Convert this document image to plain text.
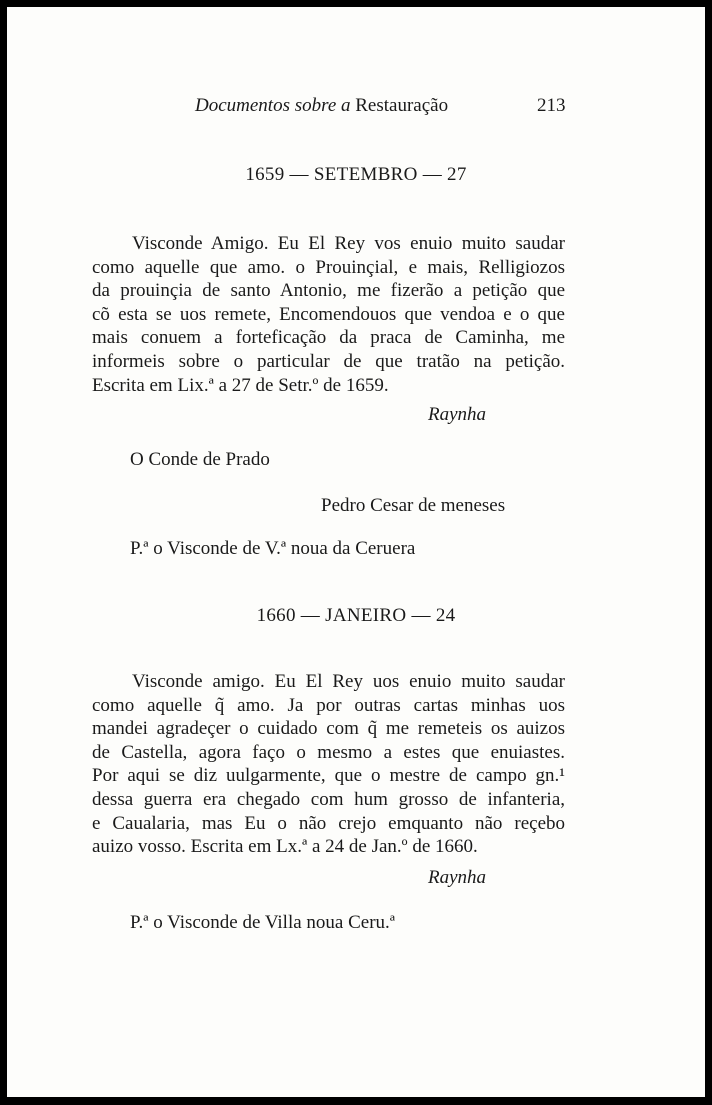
Documentos sobre a Restauração	213
1659 — SETEMBRO — 27

Visconde Amigo. Eu El Rey vos enuio muito saudar
como aquelle que amo. o Prouinçial, e mais, Relligiozos
da prouinçia de santo Antonio, me fizerão a petição que
cõ esta se uos remete, Encomendouos que vendoa e o que
mais conuem a forteficação da praca de Caminha, me
informeis sobre o particular de que tratão na petição.
Escrita em Lix.ª a 27 de Setr.º de 1659.

Raynha
O Conde de Prado
Pedro Cesar de meneses
P.ª o Visconde de V.ª noua da Ceruera
1660 — JANEIRO — 24

Visconde amigo. Eu El Rey uos enuio muito saudar
como aquelle q̃ amo. Ja por outras cartas minhas uos
mandei agradeçer o cuidado com q̃ me remeteis os auizos
de Castella, agora faço o mesmo a estes que enuiastes.
Por aqui se diz uulgarmente, que o mestre de campo gn.¹
dessa guerra era chegado com hum grosso de infanteria,
e Caualaria, mas Eu o não crejo emquanto não reçebo
auizo vosso. Escrita em Lx.ª a 24 de Jan.º de 1660.

Raynha
P.ª o Visconde de Villa noua Ceru.ª
